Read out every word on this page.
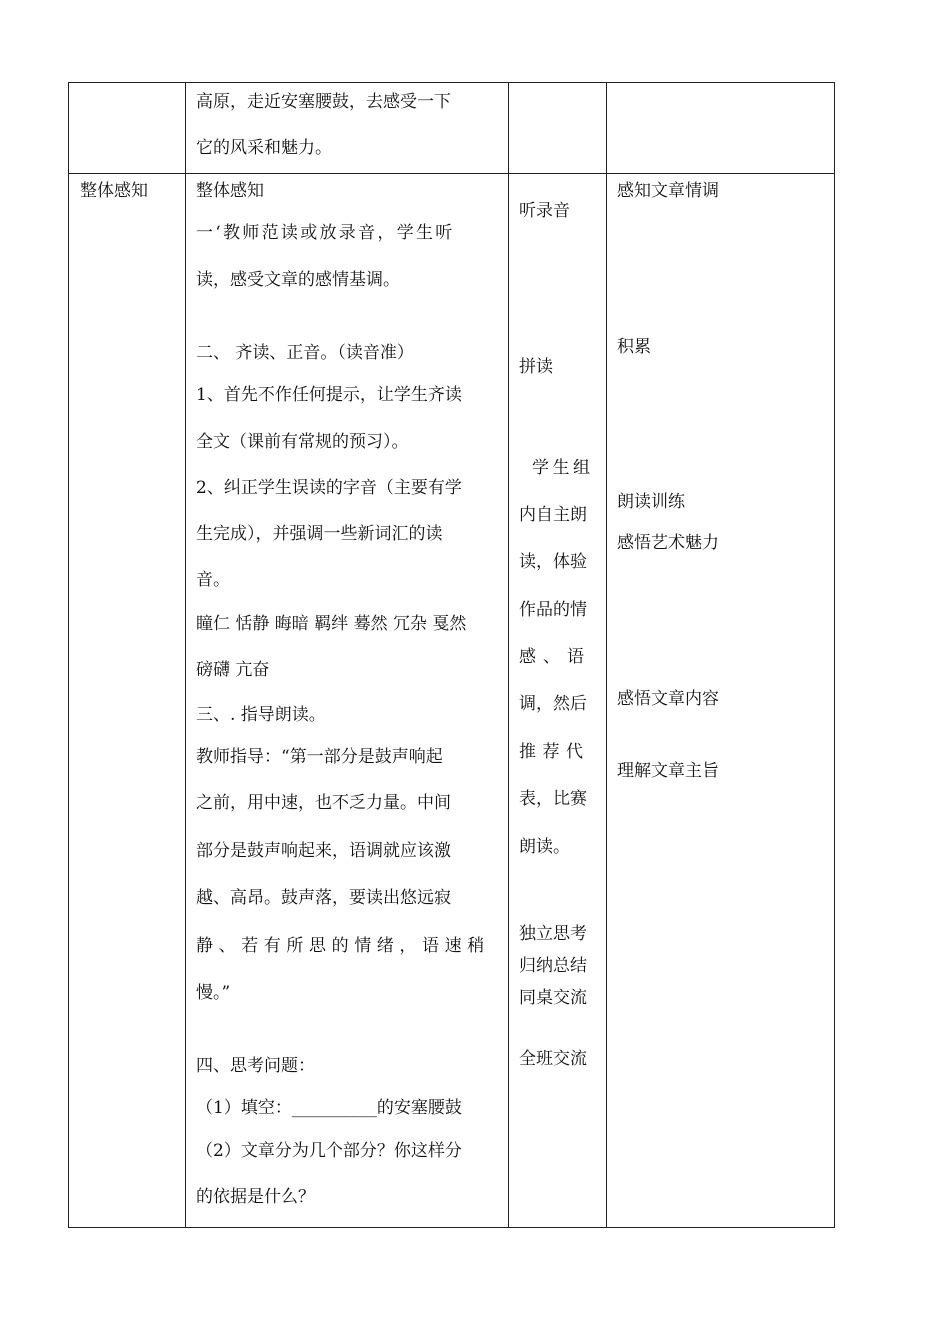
高原，走近安塞腰鼓，去感受一下
它的风采和魅力。
整体感知	整体感知
一‘教师范读或放录音，学生听
读，感受文章的感情基调。
二、 齐读、正音。（读音准）
1、首先不作任何提示，让学生齐读
全文（课前有常规的预习）。
2、纠正学生误读的字音（主要有学
生完成），并强调一些新词汇的读
音。
瞳仁 恬静 晦暗 羁绊 蓦然 冗杂 戛然
磅礴 亢奋
三、. 指导朗读。
教师指导：“第一部分是鼓声响起
之前，用中速，也不乏力量。中间
部分是鼓声响起来，语调就应该激
越、高昂。鼓声落，要读出悠远寂
静、若有所思的情绪，语速稍
慢。”
四、思考问题：
（1）填空：__________的安塞腰鼓
（2）文章分为几个部分？你这样分
的依据是什么？
听录音
拼读
学生组
内自主朗
读，体验
作品的情
感、语
调，然后
推荐代
表，比赛
朗读。
独立思考
归纳总结
同桌交流
全班交流
感知文章情调
积累
朗读训练
感悟艺术魅力
感悟文章内容
理解文章主旨
